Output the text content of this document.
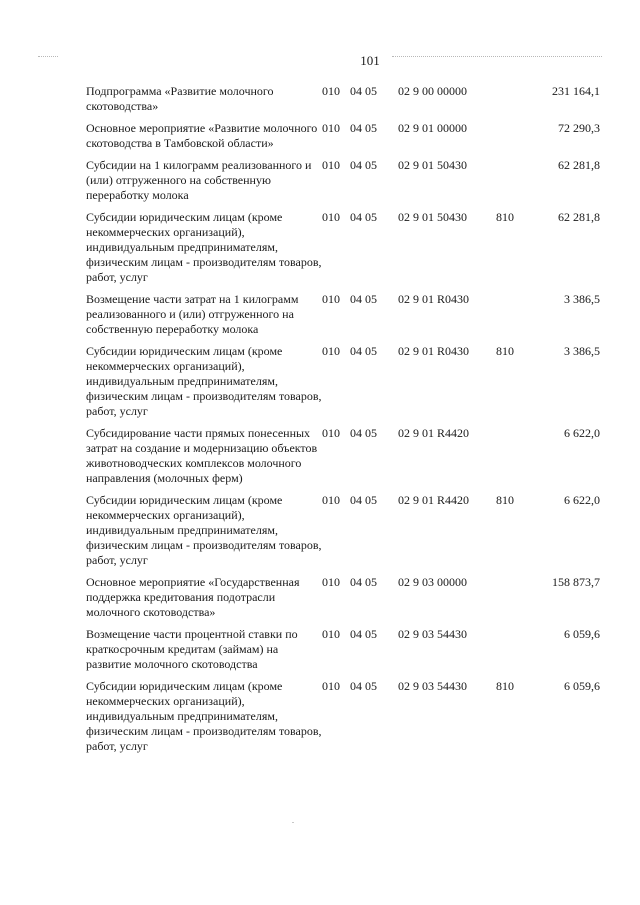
101
Подпрограмма «Развитие молочного скотоводства»	010	04 05	02 9 00 00000		231 164,1
Основное мероприятие «Развитие молочного скотоводства в Тамбовской области»	010	04 05	02 9 01 00000		72 290,3
Субсидии на 1 килограмм реализованного и (или) отгруженного на собственную переработку молока	010	04 05	02 9 01 50430		62 281,8
Субсидии юридическим лицам (кроме некоммерческих организаций), индивидуальным предпринимателям, физическим лицам - производителям товаров, работ, услуг	010	04 05	02 9 01 50430	810	62 281,8
Возмещение части затрат на 1 килограмм реализованного и (или) отгруженного на собственную переработку молока	010	04 05	02 9 01 R0430		3 386,5
Субсидии юридическим лицам (кроме некоммерческих организаций), индивидуальным предпринимателям, физическим лицам - производителям товаров, работ, услуг	010	04 05	02 9 01 R0430	810	3 386,5
Субсидирование части прямых понесенных затрат на создание и модернизацию объектов животноводческих комплексов молочного направления (молочных ферм)	010	04 05	02 9 01 R4420		6 622,0
Субсидии юридическим лицам (кроме некоммерческих организаций), индивидуальным предпринимателям, физическим лицам - производителям товаров, работ, услуг	010	04 05	02 9 01 R4420	810	6 622,0
Основное мероприятие «Государственная поддержка кредитования подотрасли молочного скотоводства»	010	04 05	02 9 03 00000		158 873,7
Возмещение части процентной ставки по краткосрочным кредитам (займам) на развитие молочного скотоводства	010	04 05	02 9 03 54430		6 059,6
Субсидии юридическим лицам (кроме некоммерческих организаций), индивидуальным предпринимателям, физическим лицам - производителям товаров, работ, услуг	010	04 05	02 9 03 54430	810	6 059,6
